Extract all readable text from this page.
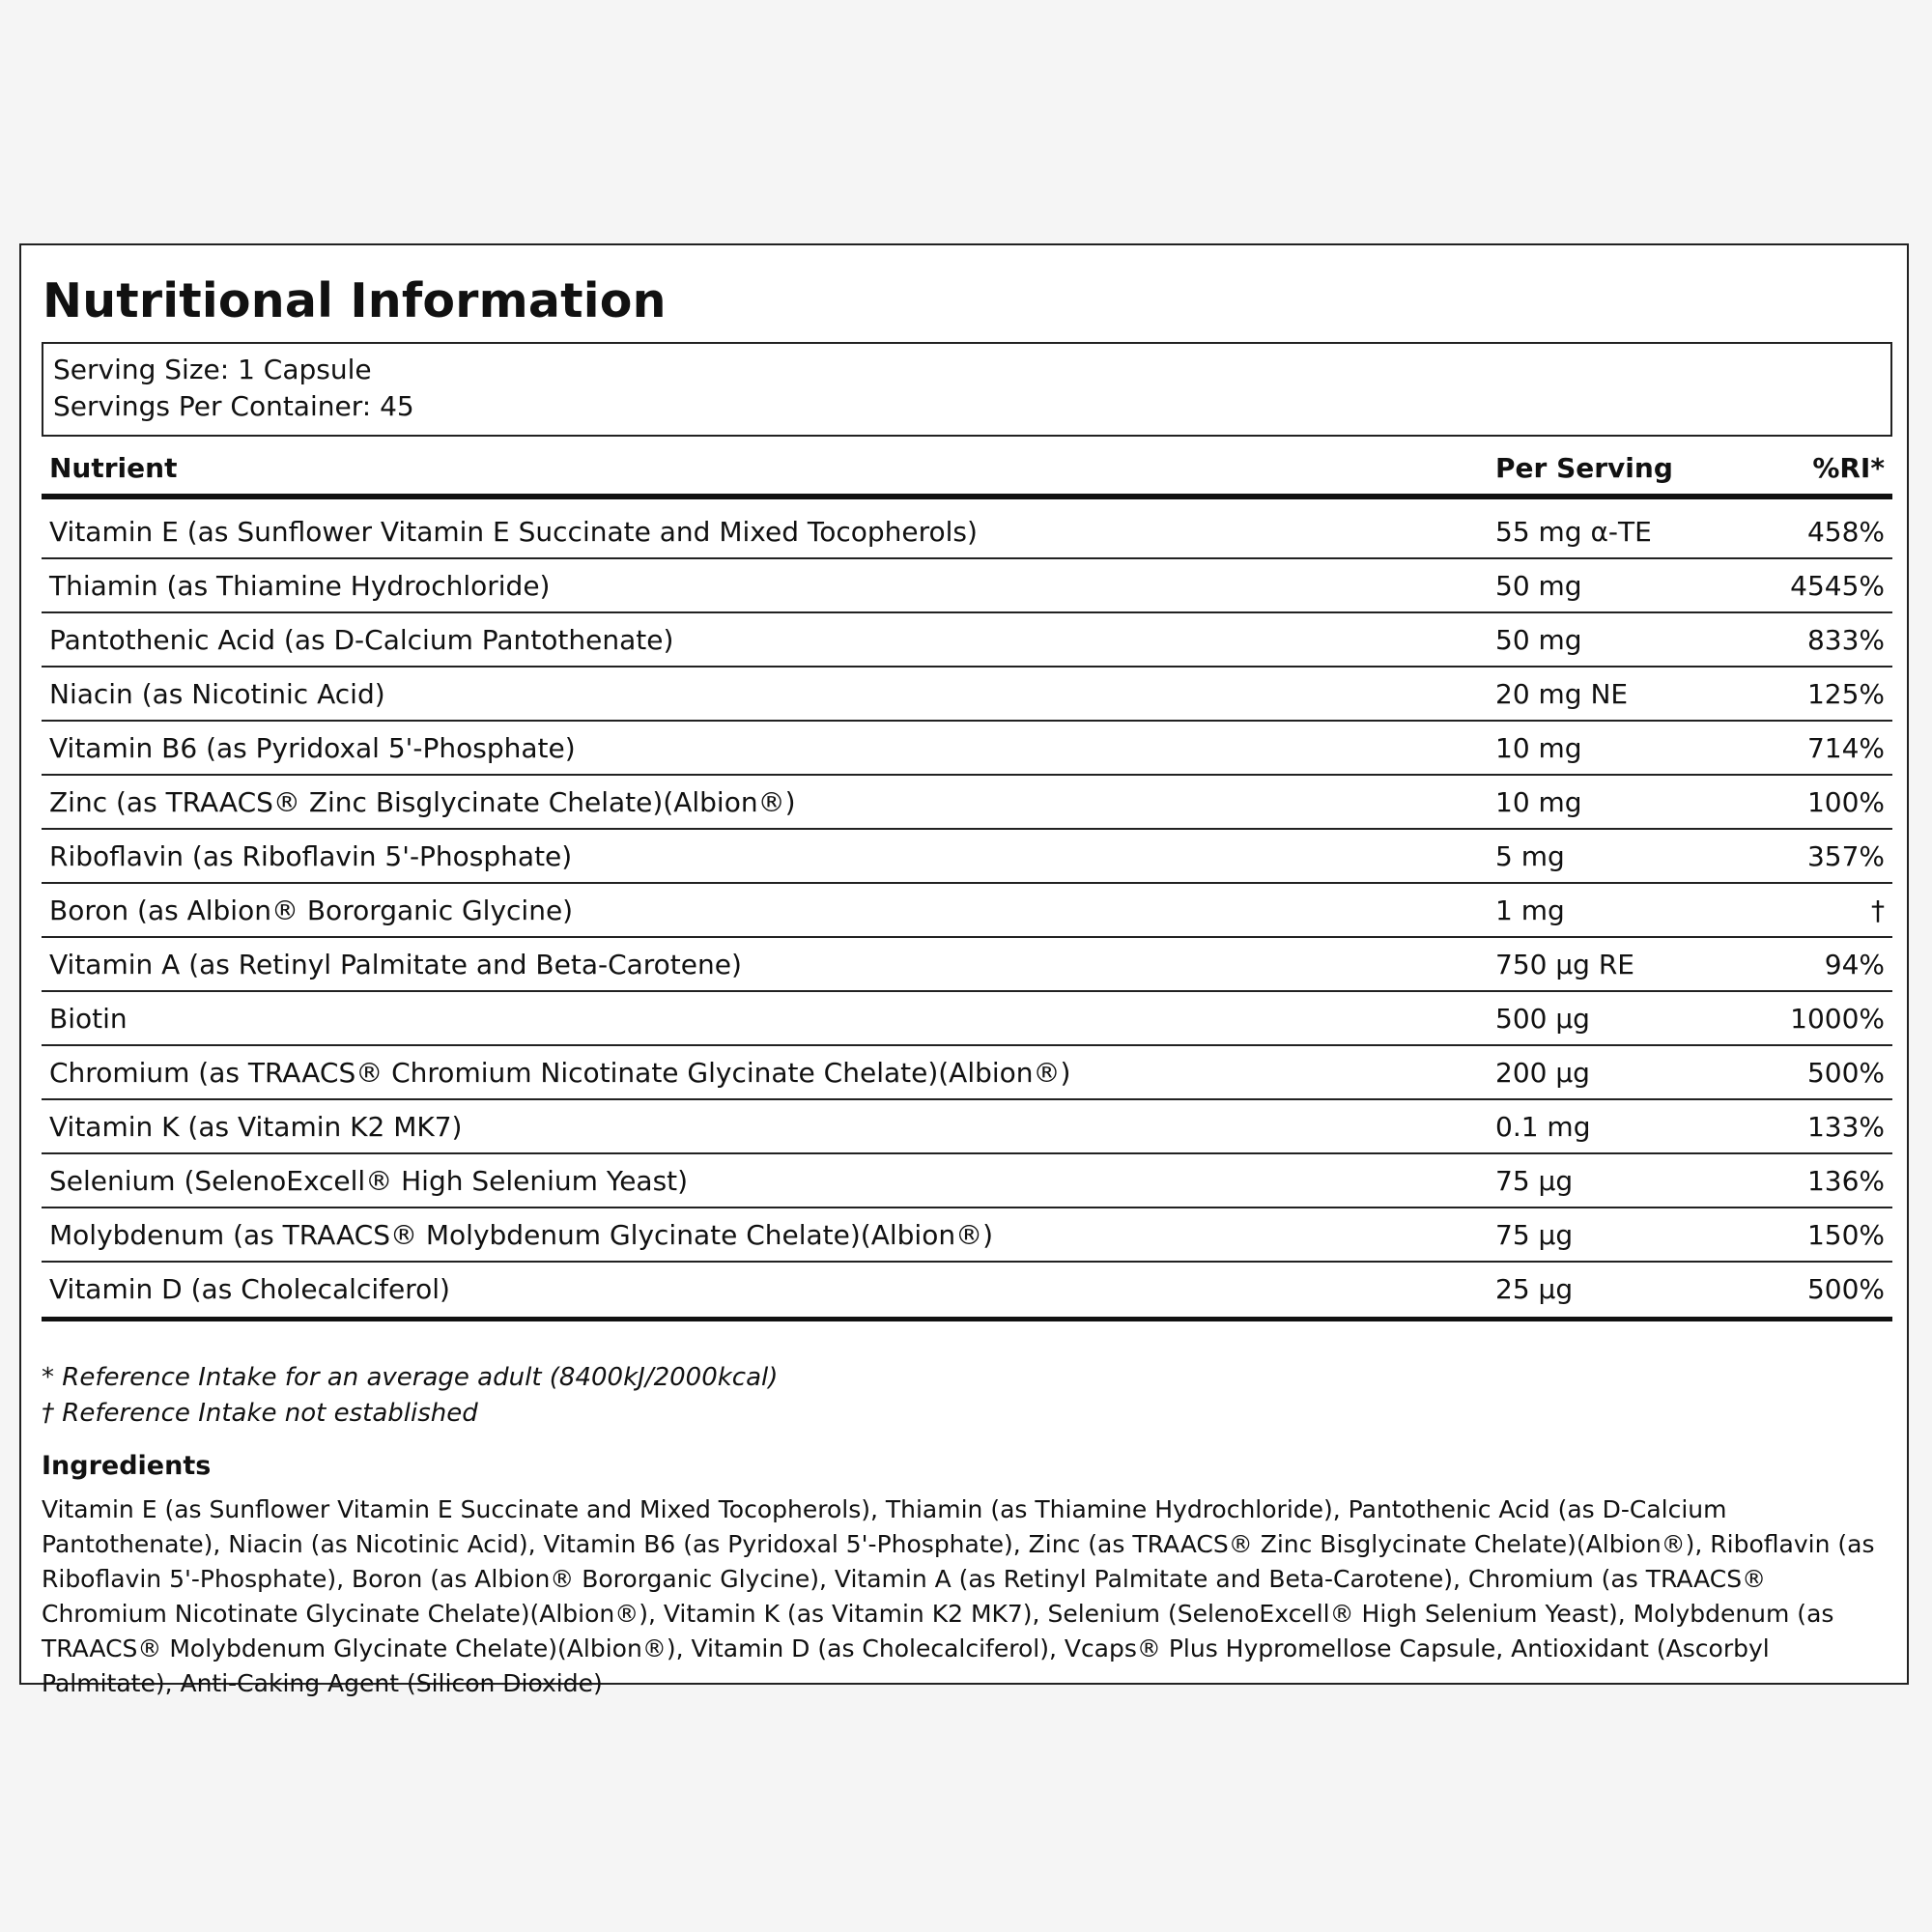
Nutritional Information
Serving Size: 1 Capsule
Servings Per Container: 45
Nutrient	Per Serving	%RI*
Vitamin E (as Sunflower Vitamin E Succinate and Mixed Tocopherols)	55 mg α-TE	458%
Thiamin (as Thiamine Hydrochloride)	50 mg	4545%
Pantothenic Acid (as D-Calcium Pantothenate)	50 mg	833%
Niacin (as Nicotinic Acid)	20 mg NE	125%
Vitamin B6 (as Pyridoxal 5'-Phosphate)	10 mg	714%
Zinc (as TRAACS® Zinc Bisglycinate Chelate)(Albion®)	10 mg	100%
Riboflavin (as Riboflavin 5'-Phosphate)	5 mg	357%
Boron (as Albion® Bororganic Glycine)	1 mg	†
Vitamin A (as Retinyl Palmitate and Beta-Carotene)	750 µg RE	94%
Biotin	500 µg	1000%
Chromium (as TRAACS® Chromium Nicotinate Glycinate Chelate)(Albion®)	200 µg	500%
Vitamin K (as Vitamin K2 MK7)	0.1 mg	133%
Selenium (SelenoExcell® High Selenium Yeast)	75 µg	136%
Molybdenum (as TRAACS® Molybdenum Glycinate Chelate)(Albion®)	75 µg	150%
Vitamin D (as Cholecalciferol)	25 µg	500%
* Reference Intake for an average adult (8400kJ/2000kcal)
† Reference Intake not established
Ingredients

Vitamin E (as Sunflower Vitamin E Succinate and Mixed Tocopherols), Thiamin (as Thiamine Hydrochloride), Pantothenic Acid (as D-Calcium Pantothenate), Niacin (as Nicotinic Acid), Vitamin B6 (as Pyridoxal 5'-Phosphate), Zinc (as TRAACS® Zinc Bisglycinate Chelate)(Albion®), Riboflavin (as Riboflavin 5'-Phosphate), Boron (as Albion® Bororganic Glycine), Vitamin A (as Retinyl Palmitate and Beta-Carotene), Chromium (as TRAACS® Chromium Nicotinate Glycinate Chelate)(Albion®), Vitamin K (as Vitamin K2 MK7), Selenium (SelenoExcell® High Selenium Yeast), Molybdenum (as TRAACS® Molybdenum Glycinate Chelate)(Albion®), Vitamin D (as Cholecalciferol), Vcaps® Plus Hypromellose Capsule, Antioxidant (Ascorbyl Palmitate), Anti-Caking Agent (Silicon Dioxide)
